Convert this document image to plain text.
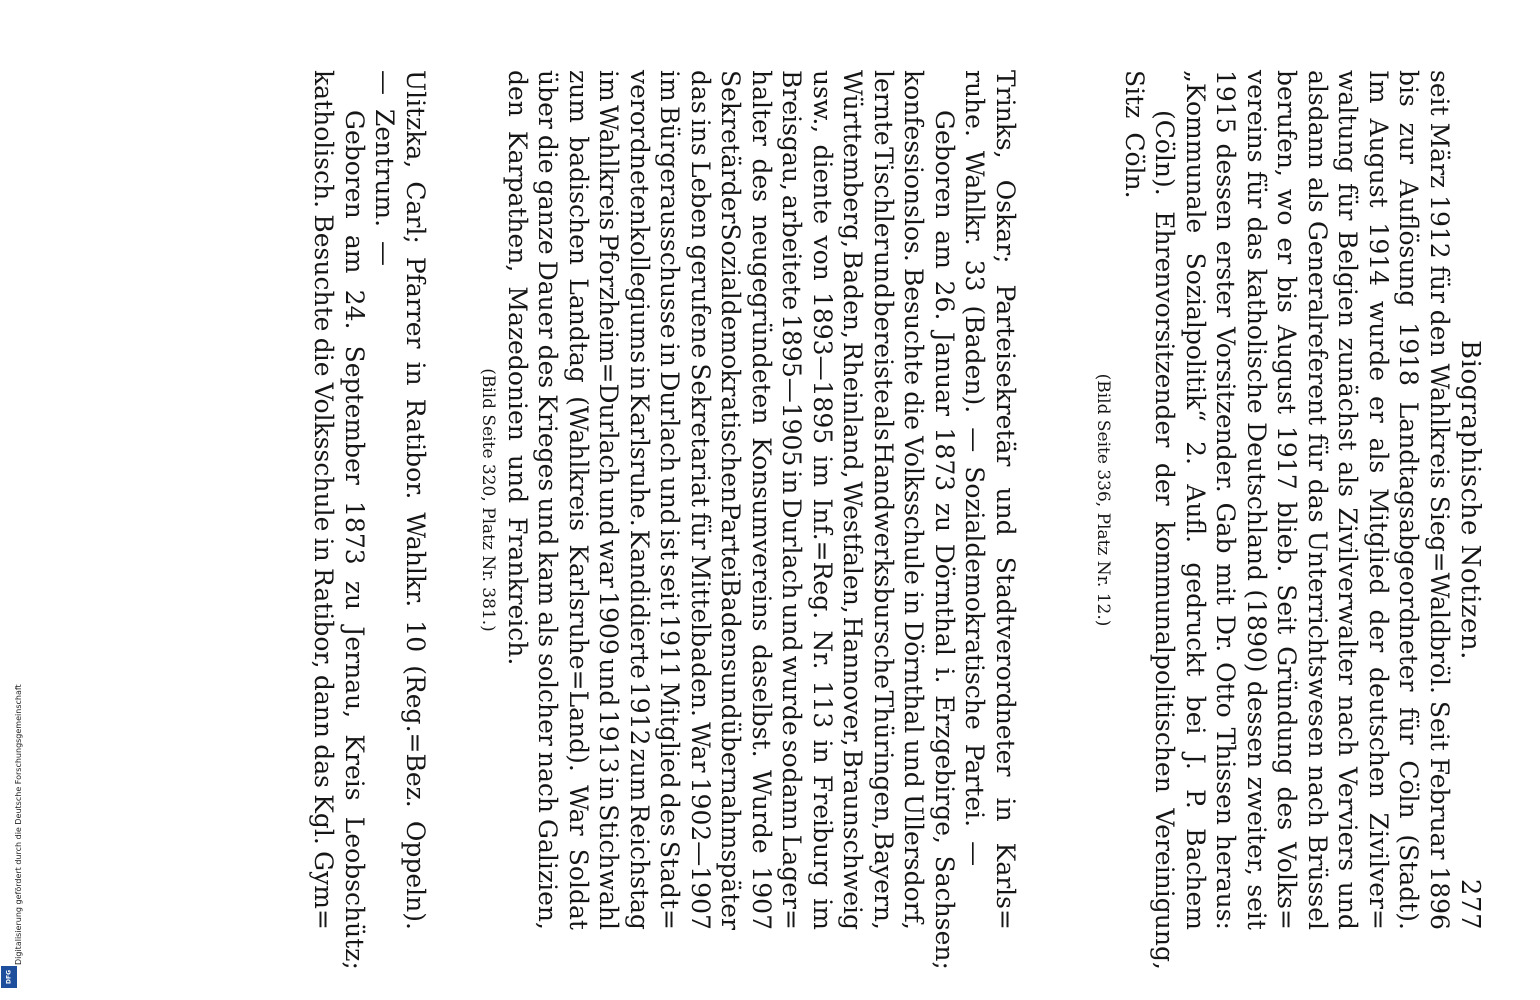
Biographische Notizen.
277
seit
März
1912
für
den
Wahlkreis
Sieg=Waldbröl.
Seit
Februar
1896
bis
zur
Auflösung
1918
Landtagsabgeordneter
für
Cöln
(Stadt).
Im
August
1914
wurde
er
als
Mitglied
der
deutschen
Zivilver=
waltung
für
Belgien
zunächst
als
Zivilverwalter
nach
Verviers
und
alsdann
als
Generalreferent
für
das
Unterrichtswesen
nach
Brüssel
berufen,
wo
er
bis
August
1917
blieb.
Seit
Gründung
des
Volks=
vereins
für
das
katholische
Deutschland
(1890)
dessen
zweiter,
seit
1915
dessen
erster
Vorsitzender.
Gab
mit
Dr.
Otto
Thissen
heraus:
„Kommunale
Sozialpolitik“
2.
Aufl.
gedruckt
bei
J.
P.
Bachem
(Cöln).
Ehrenvorsitzender
der
kommunalpolitischen
Vereinigung,
Sitz
Cöln.
(Bild Seite 336, Platz Nr. 12.)
Trinks,
Oskar;
Parteisekretär
und
Stadtverordneter
in
Karls=
ruhe.
Wahlkr.
33
(Baden).
—
Sozialdemokratische
Partei.
—
Geboren
am
26.
Januar
1873
zu
Dörnthal
i.
Erzgebirge,
Sachsen;
konfessionslos.
Besuchte
die
Volksschule
in
Dörnthal
und
Ullersdorf,
lernte
Tischler
und
bereiste
als
Handwerksbursche
Thüringen,
Bayern,
Württemberg,
Baden,
Rheinland,
Westfalen,
Hannover,
Braunschweig
usw.,
diente
von
1893—1895
im
Inf.=Reg.
Nr.
113
in
Freiburg
im
Breisgau,
arbeitete
1895—1905
in
Durlach
und
wurde
sodann
Lager=
halter
des
neugegründeten
Konsumvereins
daselbst.
Wurde
1907
Sekretär
der
Sozialdemokratischen
Partei
Badens
und
übernahm
später
das
ins
Leben
gerufene
Sekretariat
für
Mittelbaden.
War
1902—1907
im
Bürgerausschusse
in
Durlach
und
ist
seit
1911
Mitglied
des
Stadt=
verordnetenkollegiums
in
Karlsruhe.
Kandidierte
1912
zum
Reichstag
im
Wahlkreis
Pforzheim=Durlach
und
war
1909
und
1913
in
Stichwahl
zum
badischen
Landtag
(Wahlkreis
Karlsruhe=Land).
War
Soldat
über
die
ganze
Dauer
des
Krieges
und
kam
als
solcher
nach
Galizien,
den
Karpathen,
Mazedonien
und
Frankreich.
(Bild Seite 320, Platz Nr. 381.)
Ulitzka,
Carl;
Pfarrer
in
Ratibor.
Wahlkr.
10
(Reg.=Bez.
Oppeln).
—
Zentrum.
—
Geboren
am
24.
September
1873
zu
Jernau,
Kreis
Leobschütz;
katholisch.
Besuchte
die
Volksschule
in
Ratibor,
dann
das
Kgl.
Gym=
Digitalisierung gefördert durch die Deutsche Forschungsgemeinschaft
DFG
